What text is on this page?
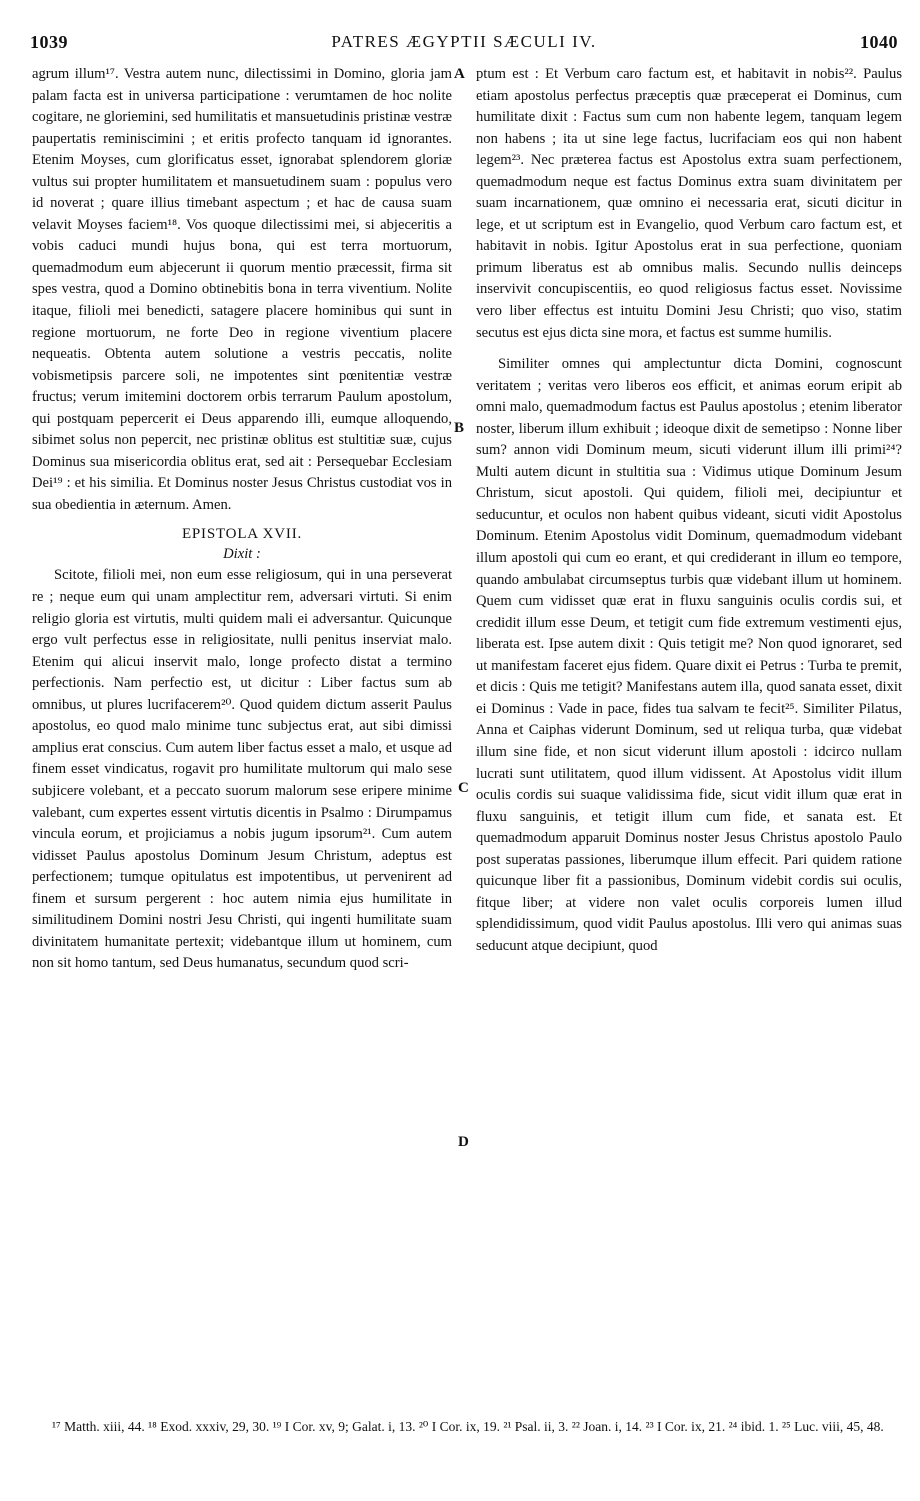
1039	PATRES ÆGYPTII SÆCULI IV.	1040
A
B
C
D

agrum illum¹⁷. Vestra autem nunc, dilectissimi in Domino, gloria jam palam facta est in universa participatione : verumtamen de hoc nolite cogitare, ne gloriemini, sed humilitatis et mansuetudinis pristinæ vestræ paupertatis reminiscimini ; et eritis profecto tanquam id ignorantes. Etenim Moyses, cum glorificatus esset, ignorabat splendorem gloriæ vultus sui propter humilitatem et mansuetudinem suam : populus vero id noverat ; quare illius timebant aspectum ; et hac de causa suam velavit Moyses faciem¹⁸. Vos quoque dilectissimi mei, si abjeceritis a vobis caduci mundi hujus bona, qui est terra mortuorum, quemadmodum eum abjecerunt ii quorum mentio præcessit, firma sit spes vestra, quod a Domino obtinebitis bona in terra viventium. Nolite itaque, filioli mei benedicti, satagere placere hominibus qui sunt in regione mortuorum, ne forte Deo in regione viventium placere nequeatis. Obtenta autem solutione a vestris peccatis, nolite vobismetipsis parcere soli, ne impotentes sint pœnitentiæ vestræ fructus; verum imitemini doctorem orbis terrarum Paulum apostolum, qui postquam pepercerit ei Deus apparendo illi, eumque alloquendo, sibimet solus non pepercit, nec pristinæ oblitus est stultitiæ suæ, cujus Dominus sua misericordia oblitus erat, sed ait : Persequebar Ecclesiam Dei¹⁹ : et his similia. Et Dominus noster Jesus Christus custodiat vos in sua obedientia in æternum. Amen.

EPISTOLA XVII.
Dixit :

Scitote, filioli mei, non eum esse religiosum, qui in una perseverat re ; neque eum qui unam amplectitur rem, adversari virtuti. Si enim religio gloria est virtutis, multi quidem mali ei adversantur. Quicunque ergo vult perfectus esse in religiositate, nulli penitus inserviat malo. Etenim qui alicui inservit malo, longe profecto distat a termino perfectionis. Nam perfectio est, ut dicitur : Liber factus sum ab omnibus, ut plures lucrifacerem²⁰. Quod quidem dictum asserit Paulus apostolus, eo quod malo minime tunc subjectus erat, aut sibi dimissi amplius erat conscius. Cum autem liber factus esset a malo, et usque ad finem esset vindicatus, rogavit pro humilitate multorum qui malo sese subjicere volebant, et a peccato suorum malorum sese eripere minime valebant, cum expertes essent virtutis dicentis in Psalmo : Dirumpamus vincula eorum, et projiciamus a nobis jugum ipsorum²¹. Cum autem vidisset Paulus apostolus Dominum Jesum Christum, adeptus est perfectionem; tumque opitulatus est impotentibus, ut pervenirent ad finem et sursum pergerent : hoc autem nimia ejus humilitate in similitudinem Domini nostri Jesu Christi, qui ingenti humilitate suam divinitatem humanitate pertexit; videbantque illum ut hominem, cum non sit homo tantum, sed Deus humanatus, secundum quod scri-

ptum est : Et Verbum caro factum est, et habitavit in nobis²². Paulus etiam apostolus perfectus præceptis quæ præceperat ei Dominus, cum humilitate dixit : Factus sum cum non habente legem, tanquam legem non habens ; ita ut sine lege factus, lucrifaciam eos qui non habent legem²³. Nec præterea factus est Apostolus extra suam perfectionem, quemadmodum neque est factus Dominus extra suam divinitatem per suam incarnationem, quæ omnino ei necessaria erat, sicuti dicitur in lege, et ut scriptum est in Evangelio, quod Verbum caro factum est, et habitavit in nobis. Igitur Apostolus erat in sua perfectione, quoniam primum liberatus est ab omnibus malis. Secundo nullis deinceps inservivit concupiscentiis, eo quod religiosus factus esset. Novissime vero liber effectus est intuitu Domini Jesu Christi; quo viso, statim secutus est ejus dicta sine mora, et factus est summe humilis.

Similiter omnes qui amplectuntur dicta Domini, cognoscunt veritatem ; veritas vero liberos eos efficit, et animas eorum eripit ab omni malo, quemadmodum factus est Paulus apostolus ; etenim liberator noster, liberum illum exhibuit ; ideoque dixit de semetipso : Nonne liber sum? annon vidi Dominum meum, sicuti viderunt illum illi primi²⁴? Multi autem dicunt in stultitia sua : Vidimus utique Dominum Jesum Christum, sicut apostoli. Qui quidem, filioli mei, decipiuntur et seducuntur, et oculos non habent quibus videant, sicuti vidit Apostolus Dominum. Etenim Apostolus vidit Dominum, quemadmodum videbant illum apostoli qui cum eo erant, et qui crediderant in illum eo tempore, quando ambulabat circumseptus turbis quæ videbant illum ut hominem. Quem cum vidisset quæ erat in fluxu sanguinis oculis cordis sui, et credidit illum esse Deum, et tetigit cum fide extremum vestimenti ejus, liberata est. Ipse autem dixit : Quis tetigit me? Non quod ignoraret, sed ut manifestam faceret ejus fidem. Quare dixit ei Petrus : Turba te premit, et dicis : Quis me tetigit? Manifestans autem illa, quod sanata esset, dixit ei Dominus : Vade in pace, fides tua salvam te fecit²⁵. Similiter Pilatus, Anna et Caiphas viderunt Dominum, sed ut reliqua turba, quæ videbat illum sine fide, et non sicut viderunt illum apostoli : idcirco nullam lucrati sunt utilitatem, quod illum vidissent. At Apostolus vidit illum oculis cordis sui suaque validissima fide, sicut vidit illum quæ erat in fluxu sanguinis, et tetigit illum cum fide, et sanata est. Et quemadmodum apparuit Dominus noster Jesus Christus apostolo Paulo post superatas passiones, liberumque illum effecit. Pari quidem ratione quicunque liber fit a passionibus, Dominum videbit cordis sui oculis, fitque liber; at videre non valet oculis corporeis lumen illud splendidissimum, quod vidit Paulus apostolus. Illi vero qui animas suas seducunt atque decipiunt, quod

¹⁷ Matth. xiii, 44. ¹⁸ Exod. xxxiv, 29, 30. ¹⁹ I Cor. xv, 9; Galat. i, 13. ²⁰ I Cor. ix, 19. ²¹ Psal. ii, 3. ²² Joan. i, 14. ²³ I Cor. ix, 21. ²⁴ ibid. 1. ²⁵ Luc. viii, 45, 48.
